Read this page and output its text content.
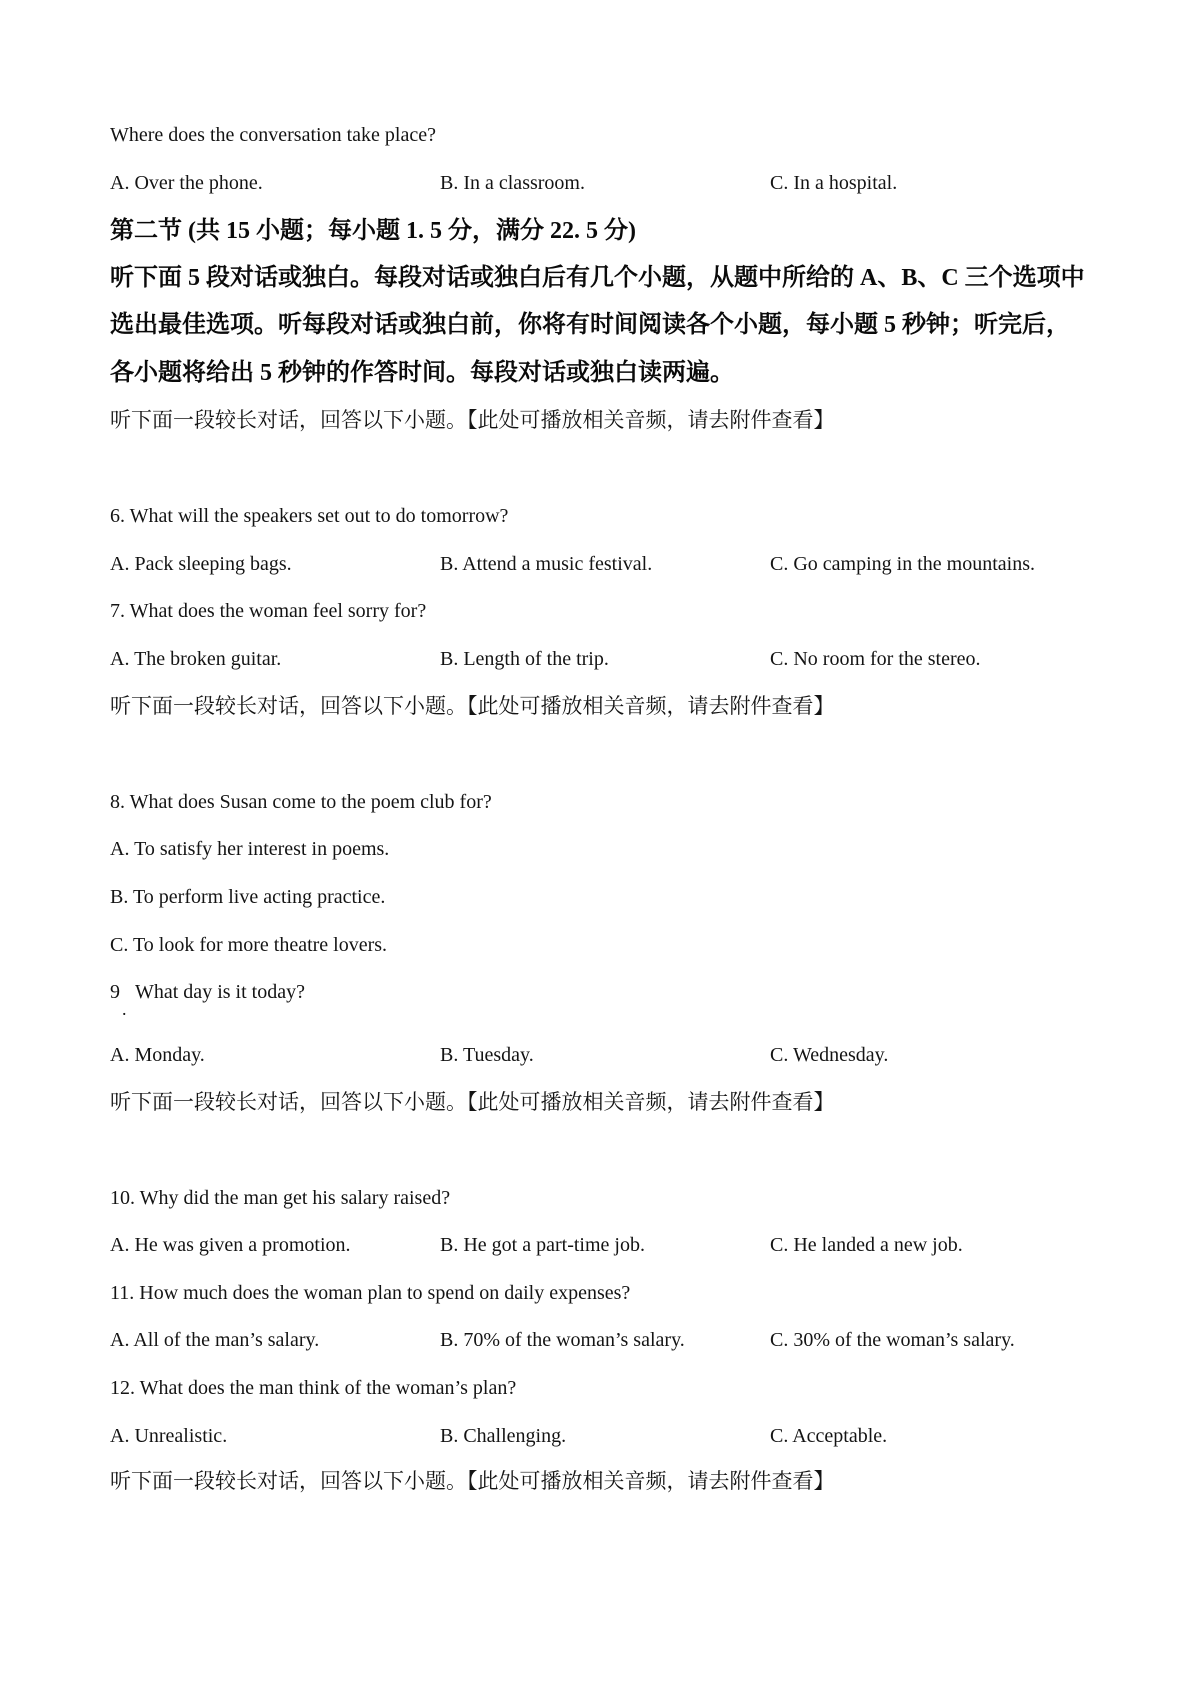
Where does the conversation take place?
A. Over the phone.	B. In a classroom.	C. In a hospital.
第二节 (共 15 小题；每小题 1. 5 分，满分 22. 5 分)
听下面 5 段对话或独白。每段对话或独白后有几个小题，从题中所给的 A、B、C 三个选项中
选出最佳选项。听每段对话或独白前，你将有时间阅读各个小题，每小题 5 秒钟；听完后，
各小题将给出 5 秒钟的作答时间。每段对话或独白读两遍。
听下面一段较长对话，回答以下小题。【此处可播放相关音频，请去附件查看】
6. What will the speakers set out to do tomorrow?
A. Pack sleeping bags.	B. Attend a music festival.	C. Go camping in the mountains.
7. What does the woman feel sorry for?
A. The broken guitar.	B. Length of the trip.	C. No room for the stereo.
听下面一段较长对话，回答以下小题。【此处可播放相关音频，请去附件查看】
8. What does Susan come to the poem club for?
A. To satisfy her interest in poems.
B. To perform live acting practice.
C. To look for more theatre lovers.
9
.
What day is it today?
A. Monday.	B. Tuesday.	C. Wednesday.
听下面一段较长对话，回答以下小题。【此处可播放相关音频，请去附件查看】
10. Why did the man get his salary raised?
A. He was given a promotion.	B. He got a part-time job.	C. He landed a new job.
11. How much does the woman plan to spend on daily expenses?
A. All of the man’s salary.	B. 70% of the woman’s salary.	C. 30% of the woman’s salary.
12. What does the man think of the woman’s plan?
A. Unrealistic.	B. Challenging.	C. Acceptable.
听下面一段较长对话，回答以下小题。【此处可播放相关音频，请去附件查看】
